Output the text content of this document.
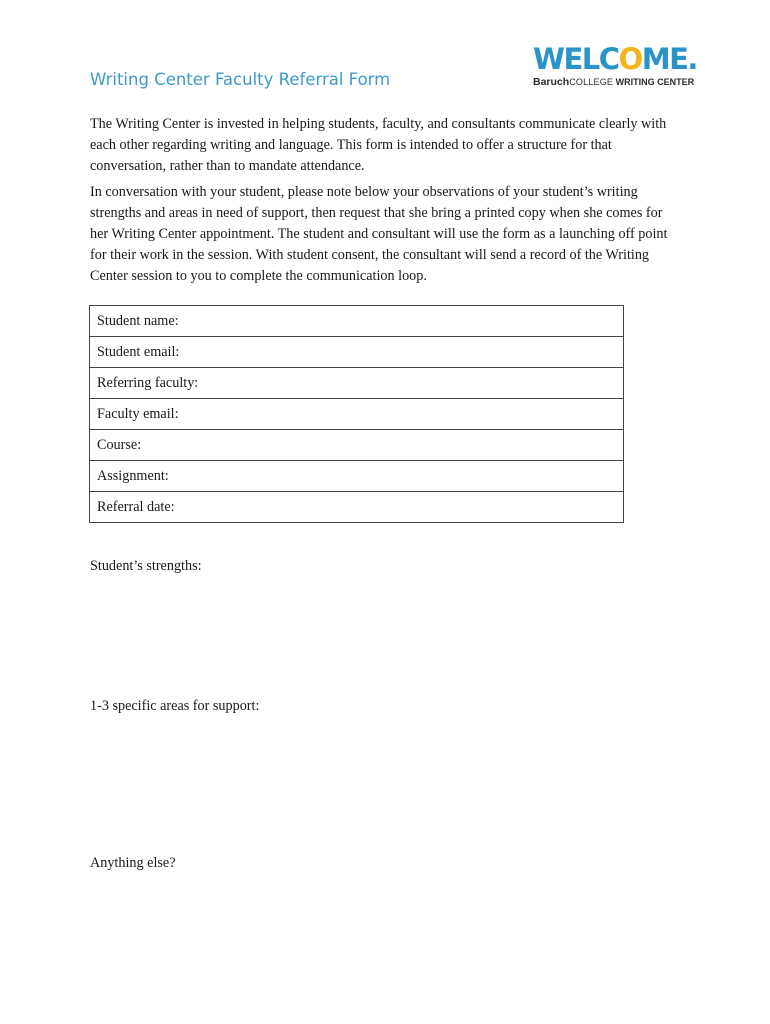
WELCOME.
BaruchCOLLEGE WRITING CENTER
Writing Center Faculty Referral Form

The Writing Center is invested in helping students, faculty, and consultants communicate clearly with each other regarding writing and language. This form is intended to offer a structure for that conversation, rather than to mandate attendance.

In conversation with your student, please note below your observations of your student’s writing strengths and areas in need of support, then request that she bring a printed copy when she comes for her Writing Center appointment. The student and consultant will use the form as a launching off point for their work in the session. With student consent, the consultant will send a record of the Writing Center session to you to complete the communication loop.

Student name:
Student email:
Referring faculty:
Faculty email:
Course:
Assignment:
Referral date:

Student’s strengths:

1-3 specific areas for support:

Anything else?
